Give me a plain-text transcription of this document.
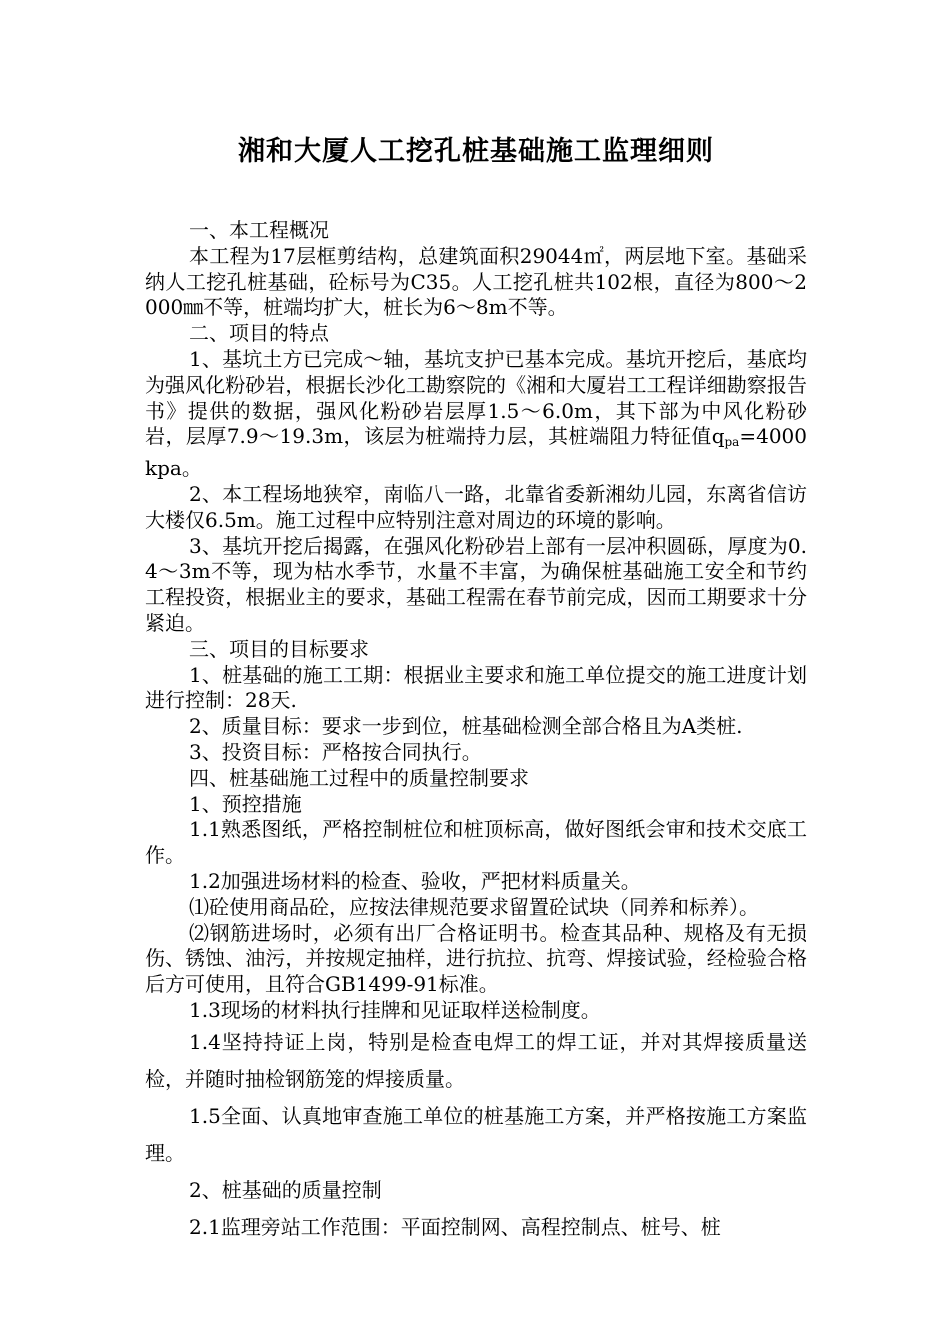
湘和大厦人工挖孔桩基础施工监理细则

一、本工程概况

本工程为17层框剪结构，总建筑面积29044㎡，两层地下室。基础采纳人工挖孔桩基础，砼标号为C35。人工挖孔桩共102根，直径为800～2000㎜不等，桩端均扩大，桩长为6～8m不等。

二、项目的特点

1、基坑土方已完成～轴，基坑支护已基本完成。基坑开挖后，基底均为强风化粉砂岩，根据长沙化工勘察院的《湘和大厦岩工工程详细勘察报告书》提供的数据，强风化粉砂岩层厚1.5～6.0m，其下部为中风化粉砂岩，层厚7.9～19.3m，该层为桩端持力层，其桩端阻力特征值$q_{pa}=4000kpa$。

2、本工程场地狭窄，南临八一路，北靠省委新湘幼儿园，东离省信访大楼仅6.5m。施工过程中应特别注意对周边的环境的影响。

3、基坑开挖后揭露，在强风化粉砂岩上部有一层冲积圆砾，厚度为0.4～3m不等，现为枯水季节，水量不丰富，为确保桩基础施工安全和节约工程投资，根据业主的要求，基础工程需在春节前完成，因而工期要求十分紧迫。

三、项目的目标要求

1、桩基础的施工工期：根据业主要求和施工单位提交的施工进度计划进行控制：28天.

2、质量目标：要求一步到位，桩基础检测全部合格且为A类桩.

3、投资目标：严格按合同执行。

四、桩基础施工过程中的质量控制要求

1、预控措施

1.1熟悉图纸，严格控制桩位和桩顶标高，做好图纸会审和技术交底工作。

1.2加强进场材料的检查、验收，严把材料质量关。

⑴砼使用商品砼，应按法律规范要求留置砼试块（同养和标养）。

⑵钢筋进场时，必须有出厂合格证明书。检查其品种、规格及有无损伤、锈蚀、油污，并按规定抽样，进行抗拉、抗弯、焊接试验，经检验合格后方可使用，且符合GB1499-91标准。

1.3现场的材料执行挂牌和见证取样送检制度。

1.4坚持持证上岗，特别是检查电焊工的焊工证，并对其焊接质量送检，并随时抽检钢筋笼的焊接质量。

1.5全面、认真地审查施工单位的桩基施工方案，并严格按施工方案监理。

2、桩基础的质量控制

2.1监理旁站工作范围：平面控制网、高程控制点、桩号、桩
